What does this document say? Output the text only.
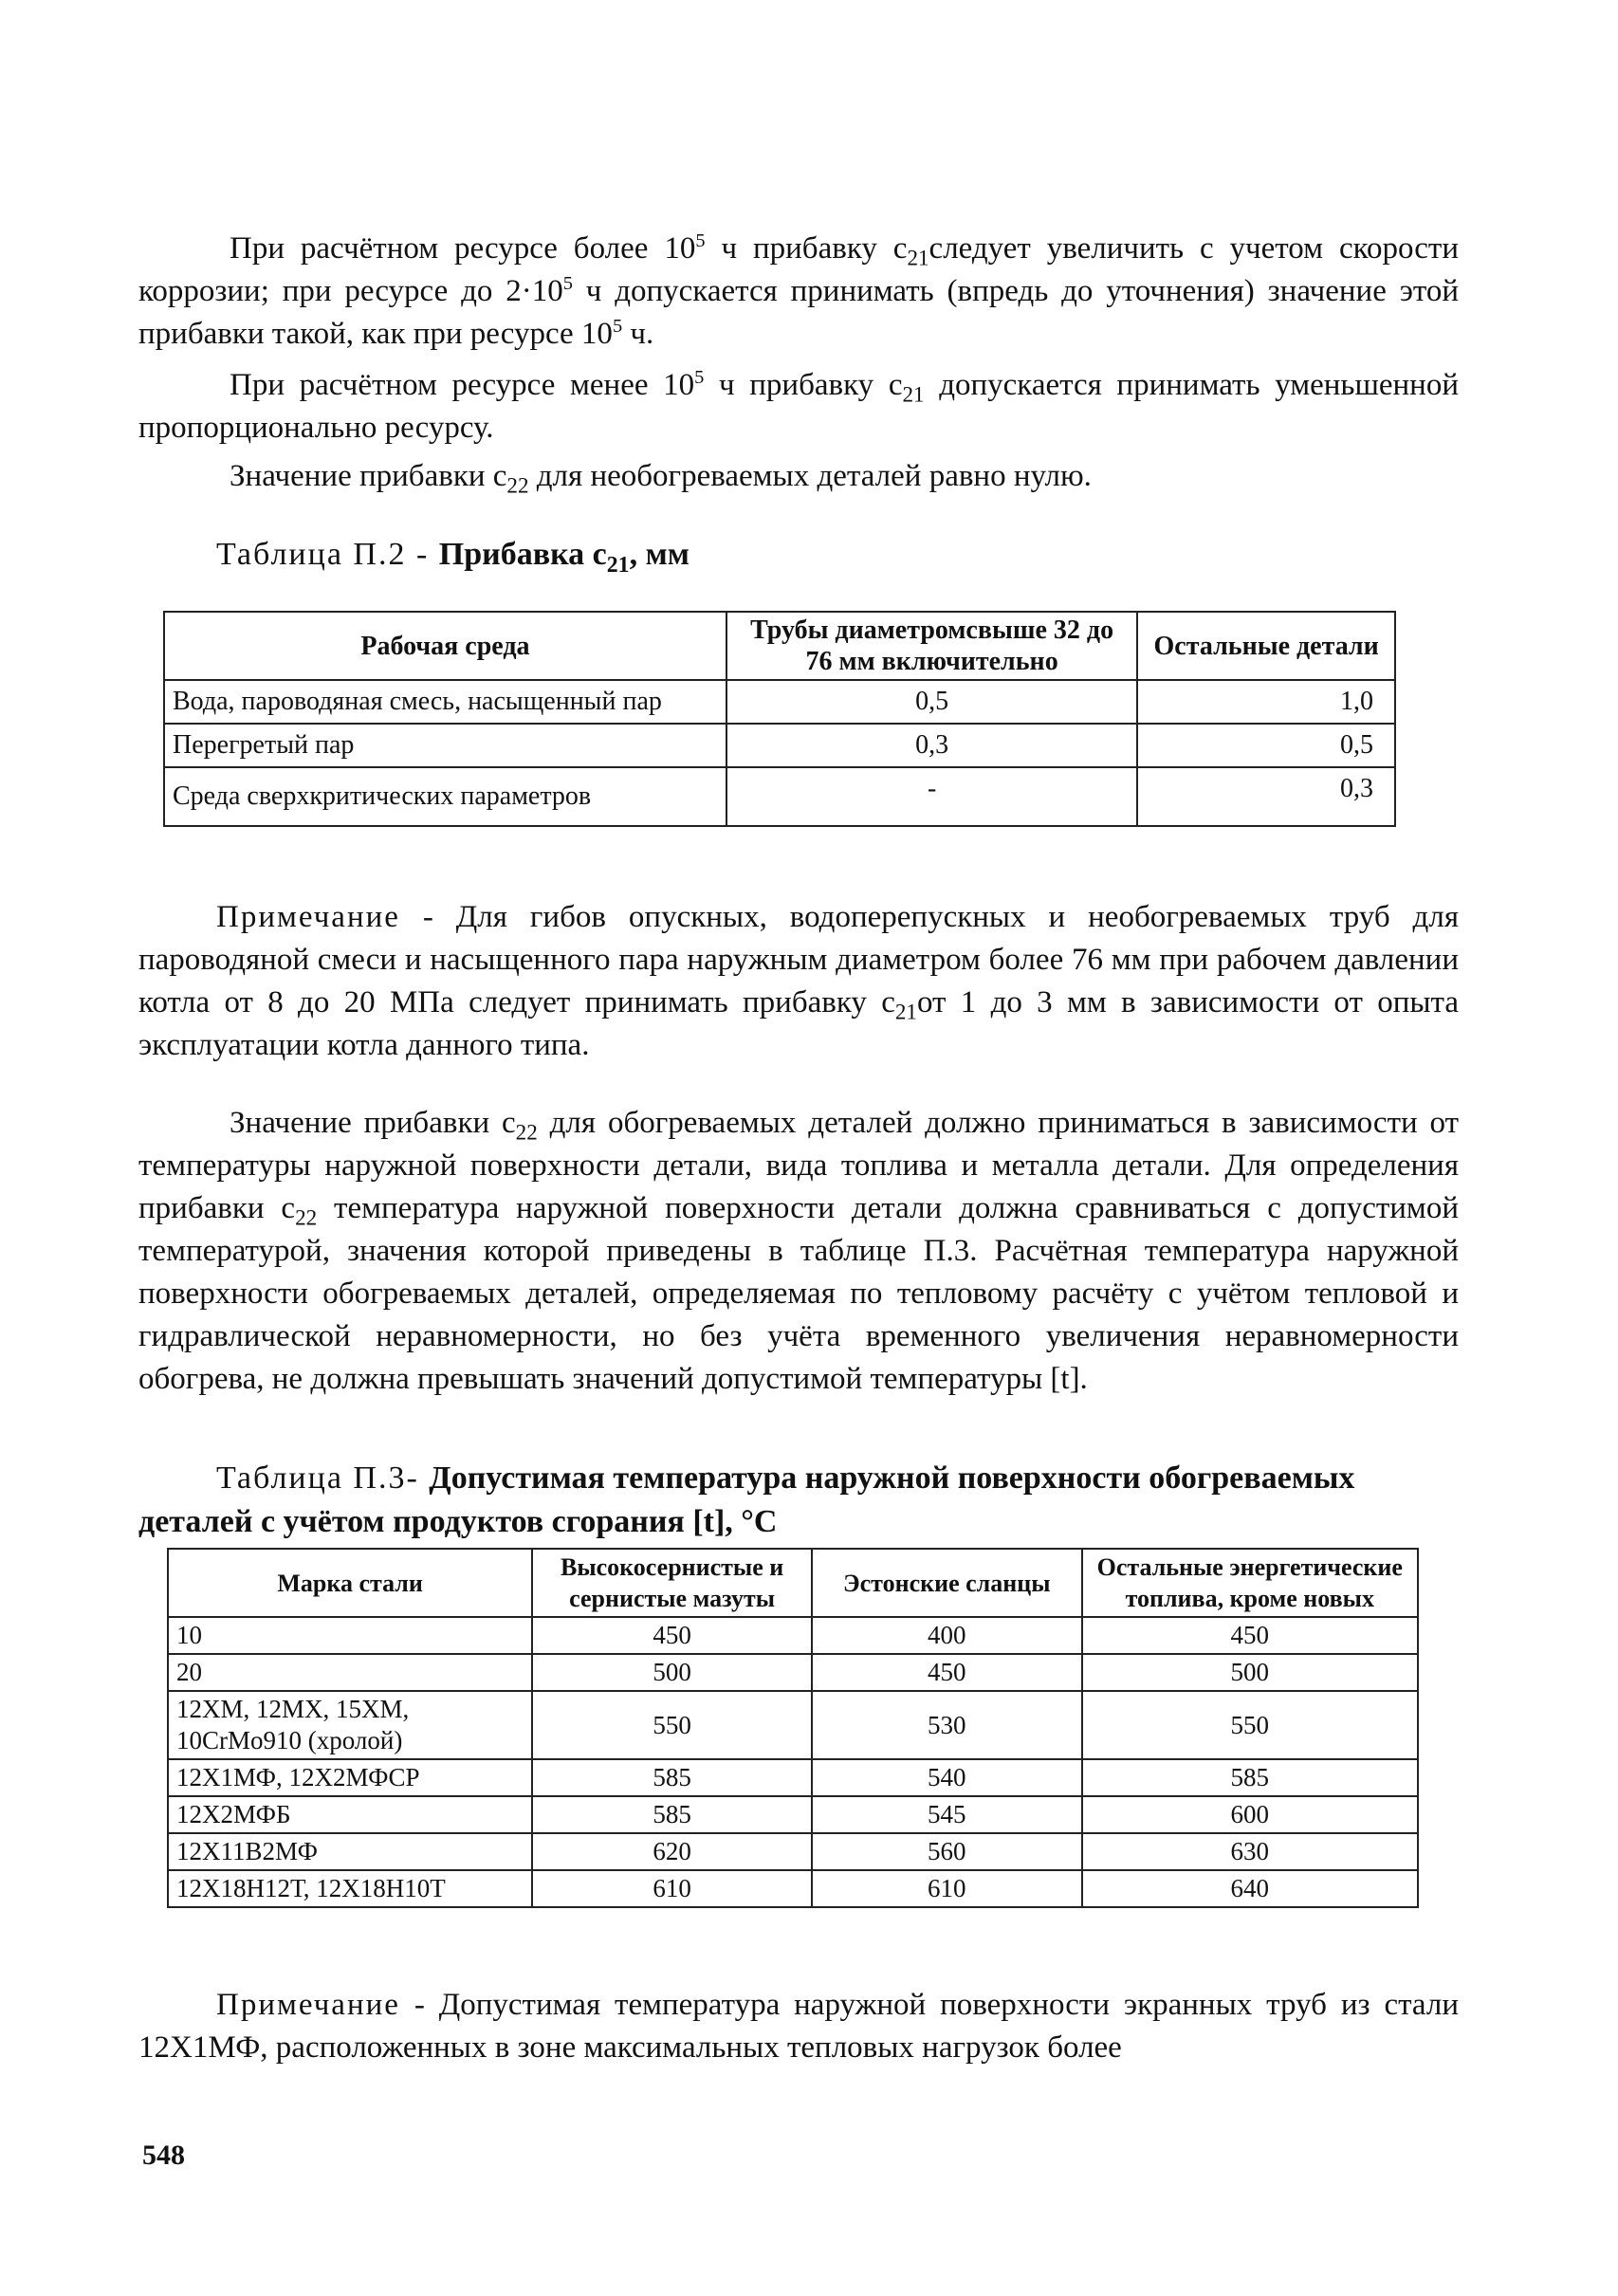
При расчётном ресурсе более $10^5$ ч прибавку $с_{21}следует$ увеличить с учетом скорости коррозии; при ресурсе до $2\cdot 10^5$ ч допускается принимать (впредь до уточнения) значение этой прибавки такой, как при ресурсе $10^5$ ч.
При расчётном ресурсе менее $10^5$ ч прибавку $с_{21}$ допускается принимать уменьшенной пропорционально ресурсу.
Значение прибавки $с_{22}$ для необогреваемых деталей равно нулю.
Таблица П.2 - Прибавка $с_{21}$, мм
Рабочая среда	Трубы диаметромсвыше 32 до 76 мм включительно	Остальные детали
Вода, пароводяная смесь, насыщенный пар	0,5	1,0
Перегретый пар	0,3	0,5
Среда сверхкритических параметров	-	0,3
Примечание - Для гибов опускных, водоперепускных и необогреваемых труб для пароводяной смеси и насыщенного пара наружным диаметром более 76 мм при рабочем давлении котла от 8 до 20 МПа следует принимать прибавку $с_{21}от$ 1 до 3 мм в зависимости от опыта эксплуатации котла данного типа.
Значение прибавки $с_{22}$ для обогреваемых деталей должно приниматься в зависимости от температуры наружной поверхности детали, вида топлива и металла детали. Для определения прибавки $с_{22}$ температура наружной поверхности детали должна сравниваться с допустимой температурой, значения которой приведены в таблице П.3. Расчётная температура наружной поверхности обогреваемых деталей, определяемая по тепловому расчёту с учётом тепловой и гидравлической неравномерности, но без учёта временного увеличения неравномерности обогрева, не должна превышать значений допустимой температуры [t].
Таблица П.3- Допустимая температура наружной поверхности обогреваемых деталей с учётом продуктов сгорания [t], °С
Марка стали	Высокосернистые и сернистые мазуты	Эстонские сланцы	Остальные энергетические топлива, кроме новых
10	450	400	450
20	500	450	500
12ХМ, 12МХ, 15ХМ, 10CrMo910 (хролой)	550	530	550
12Х1МФ, 12Х2МФСР	585	540	585
12Х2МФБ	585	545	600
12Х11В2МФ	620	560	630
12Х18Н12Т, 12Х18Н10Т	610	610	640
Примечание - Допустимая температура наружной поверхности экранных труб из стали 12Х1МФ, расположенных в зоне максимальных тепловых нагрузок более
548
